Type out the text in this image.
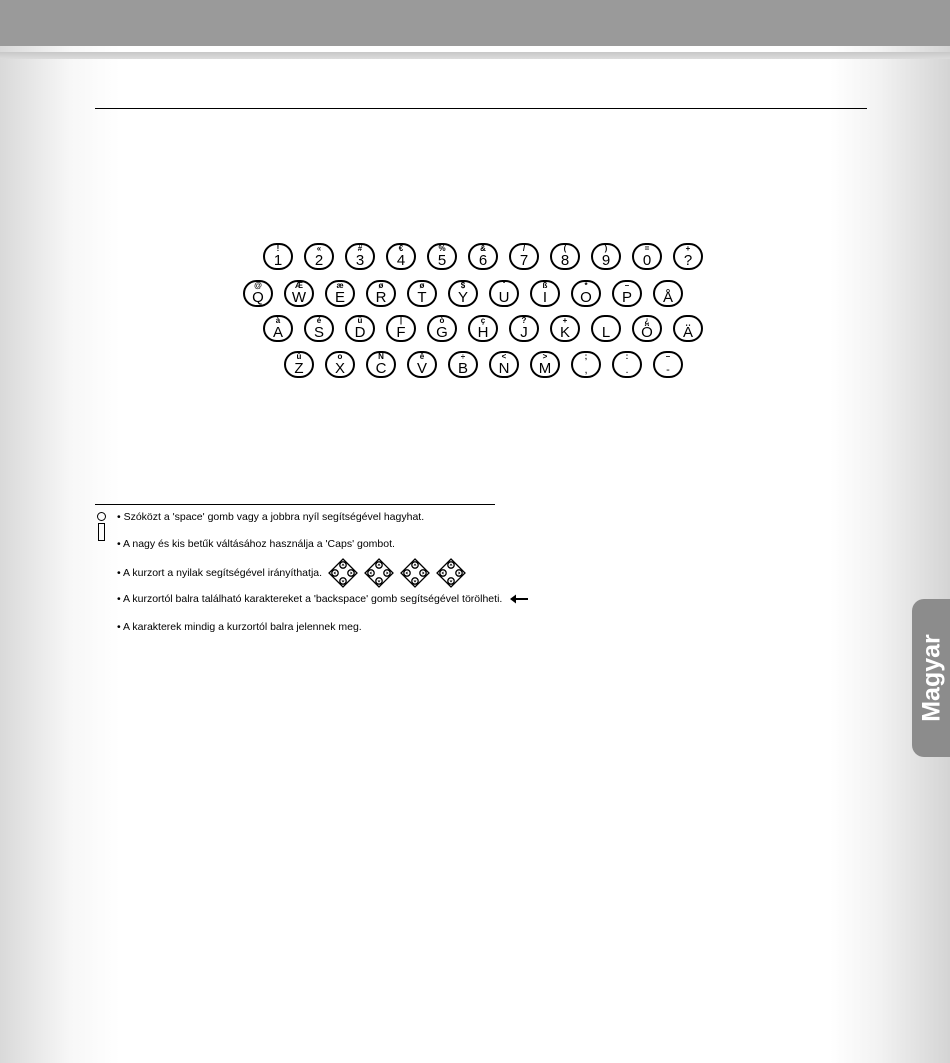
!
1
«
2
#
3
€
4
%
5
&
6
/
7
(
8
)
9
=
0
+
?
@
Q
Æ
W
æ
E
ø
R
ø
T
$
Y
ˇ
U
ß
I
*
O
–
P	Å
à
A
é
S
ü
D
|
F
ò
G
ç
H
?
J
+
K	L
¿
Ö	Ä
û
Z
o
X
Ñ
C
ê
V
÷
B
<
N
>
M
;
,
:
.
–
-
• Szóközt a 'space' gomb vagy a jobbra nyíl segítségével hagyhat.
• A nagy és kis betűk váltásához használja a 'Caps' gombot.
• A kurzort a nyilak segítségével irányíthatja.
• A kurzortól balra található karaktereket a 'backspace' gomb segítségével törölheti.
• A karakterek mindig a kurzortól balra jelennek meg.
Magyar
